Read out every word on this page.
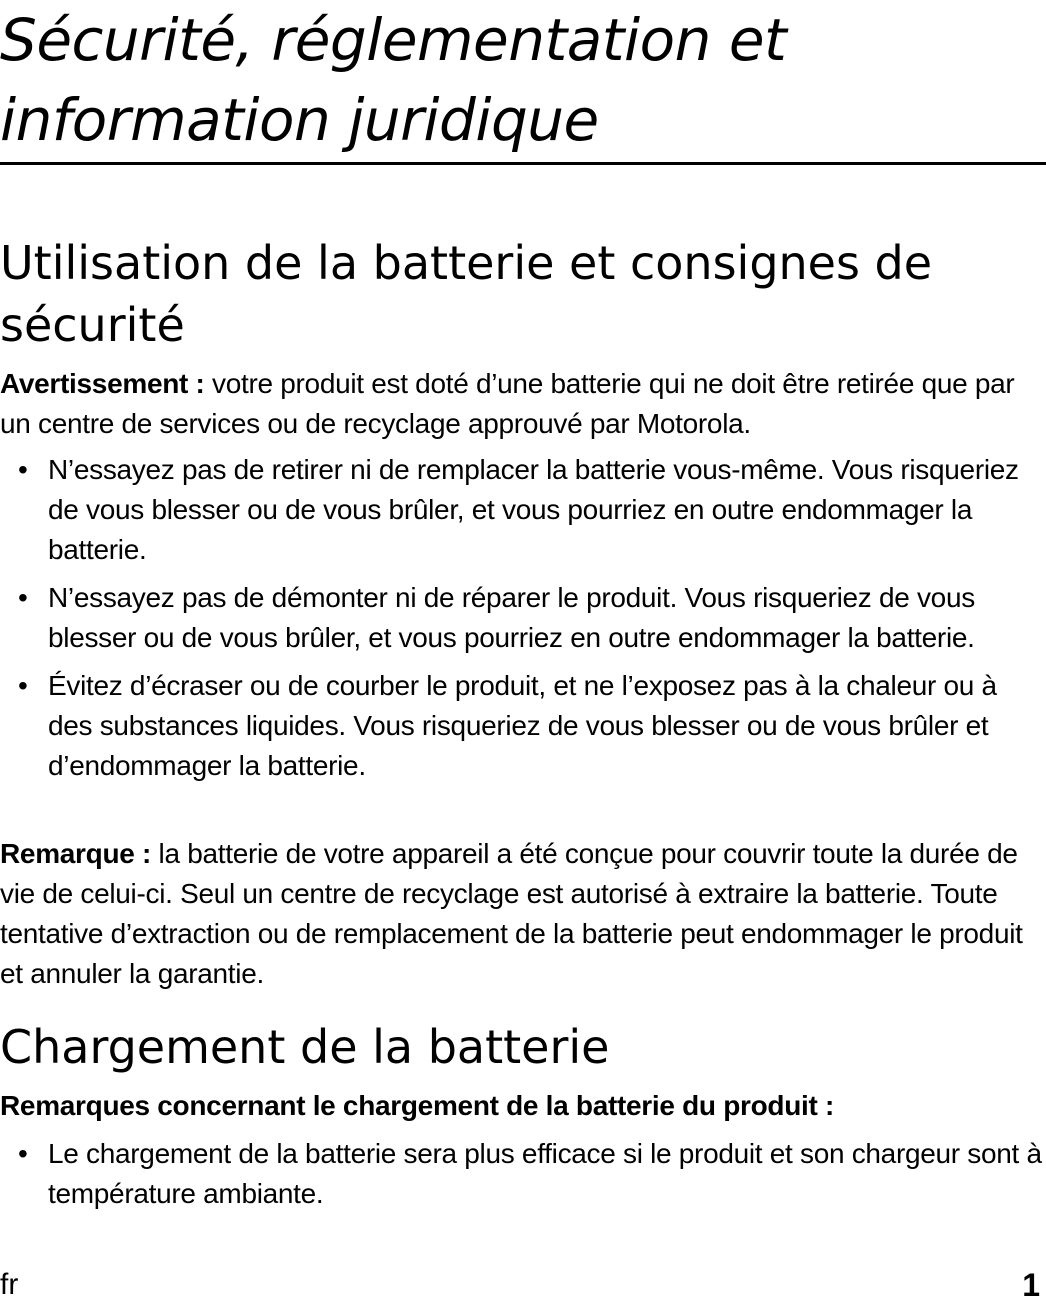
Sécurité, réglementation et information juridique
Utilisation de la batterie et consignes de sécurité

Avertissement : votre produit est doté d’une batterie qui ne doit être retirée que par un centre de services ou de recyclage approuvé par Motorola.

• N’essayez pas de retirer ni de remplacer la batterie vous-même. Vous risqueriez de vous blesser ou de vous brûler, et vous pourriez en outre endommager la batterie.
• N’essayez pas de démonter ni de réparer le produit. Vous risqueriez de vous blesser ou de vous brûler, et vous pourriez en outre endommager la batterie.
• Évitez d’écraser ou de courber le produit, et ne l’exposez pas à la chaleur ou à des substances liquides. Vous risqueriez de vous blesser ou de vous brûler et d’endommager la batterie.

Remarque : la batterie de votre appareil a été conçue pour couvrir toute la durée de vie de celui-ci. Seul un centre de recyclage est autorisé à extraire la batterie. Toute tentative d’extraction ou de remplacement de la batterie peut endommager le produit et annuler la garantie.

Chargement de la batterie

Remarques concernant le chargement de la batterie du produit :

• Le chargement de la batterie sera plus efficace si le produit et son chargeur sont à température ambiante.
fr	1
